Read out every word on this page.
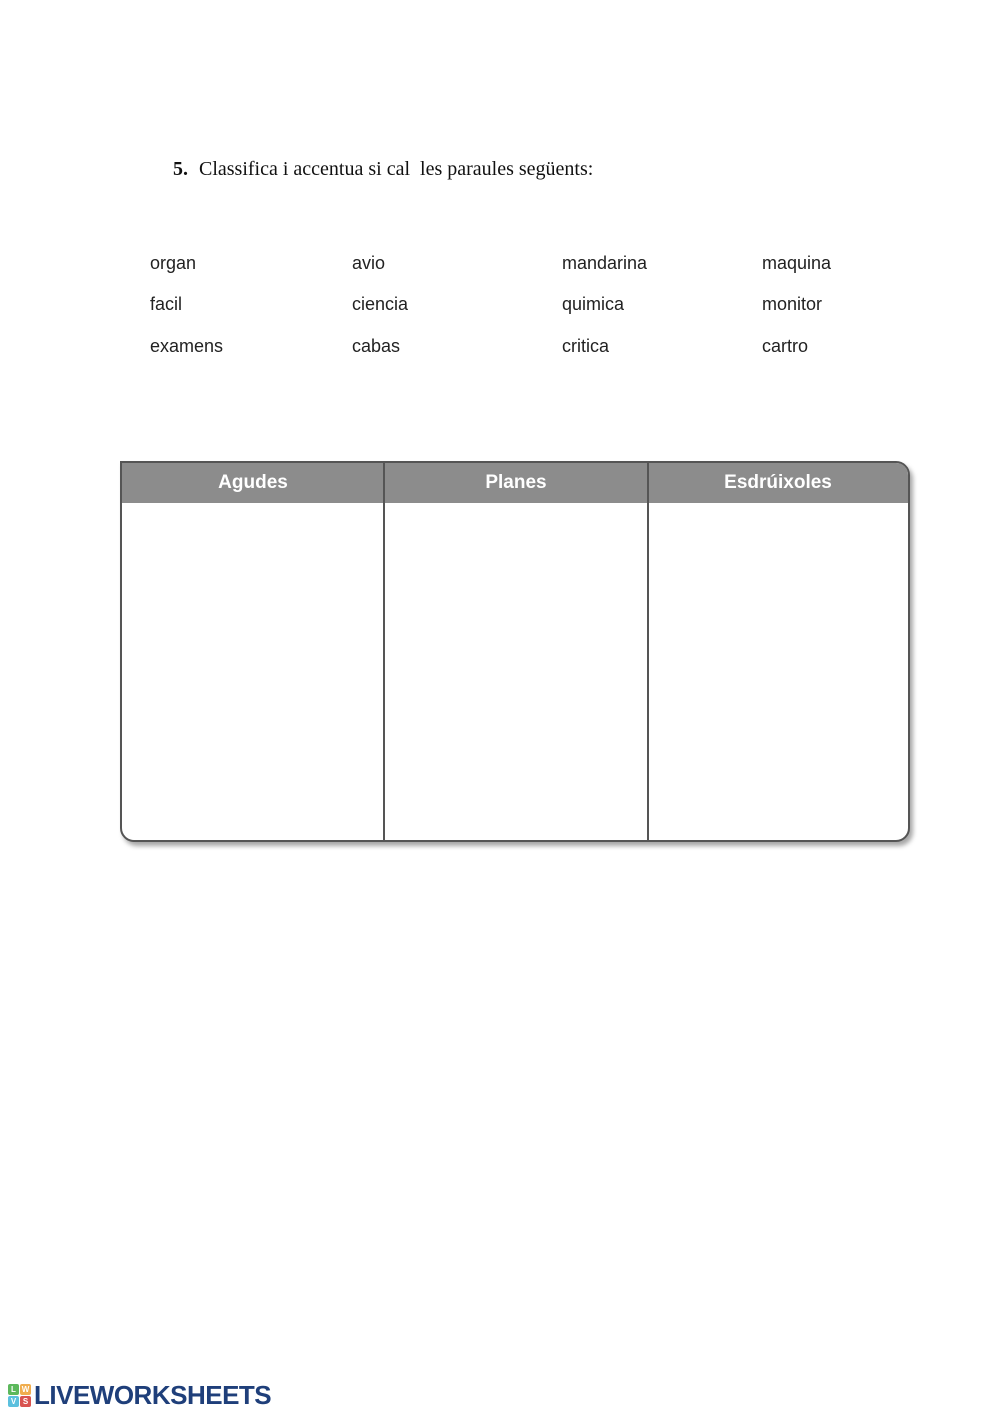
5. Classifica i accentua si cal  les paraules següents:
organ	avio	mandarina	maquina
facil	ciencia	quimica	monitor
examens	cabas	critica	cartro
Agudes	Planes	Esdrúixoles
L W
V S LIVEWORKSHEETS
